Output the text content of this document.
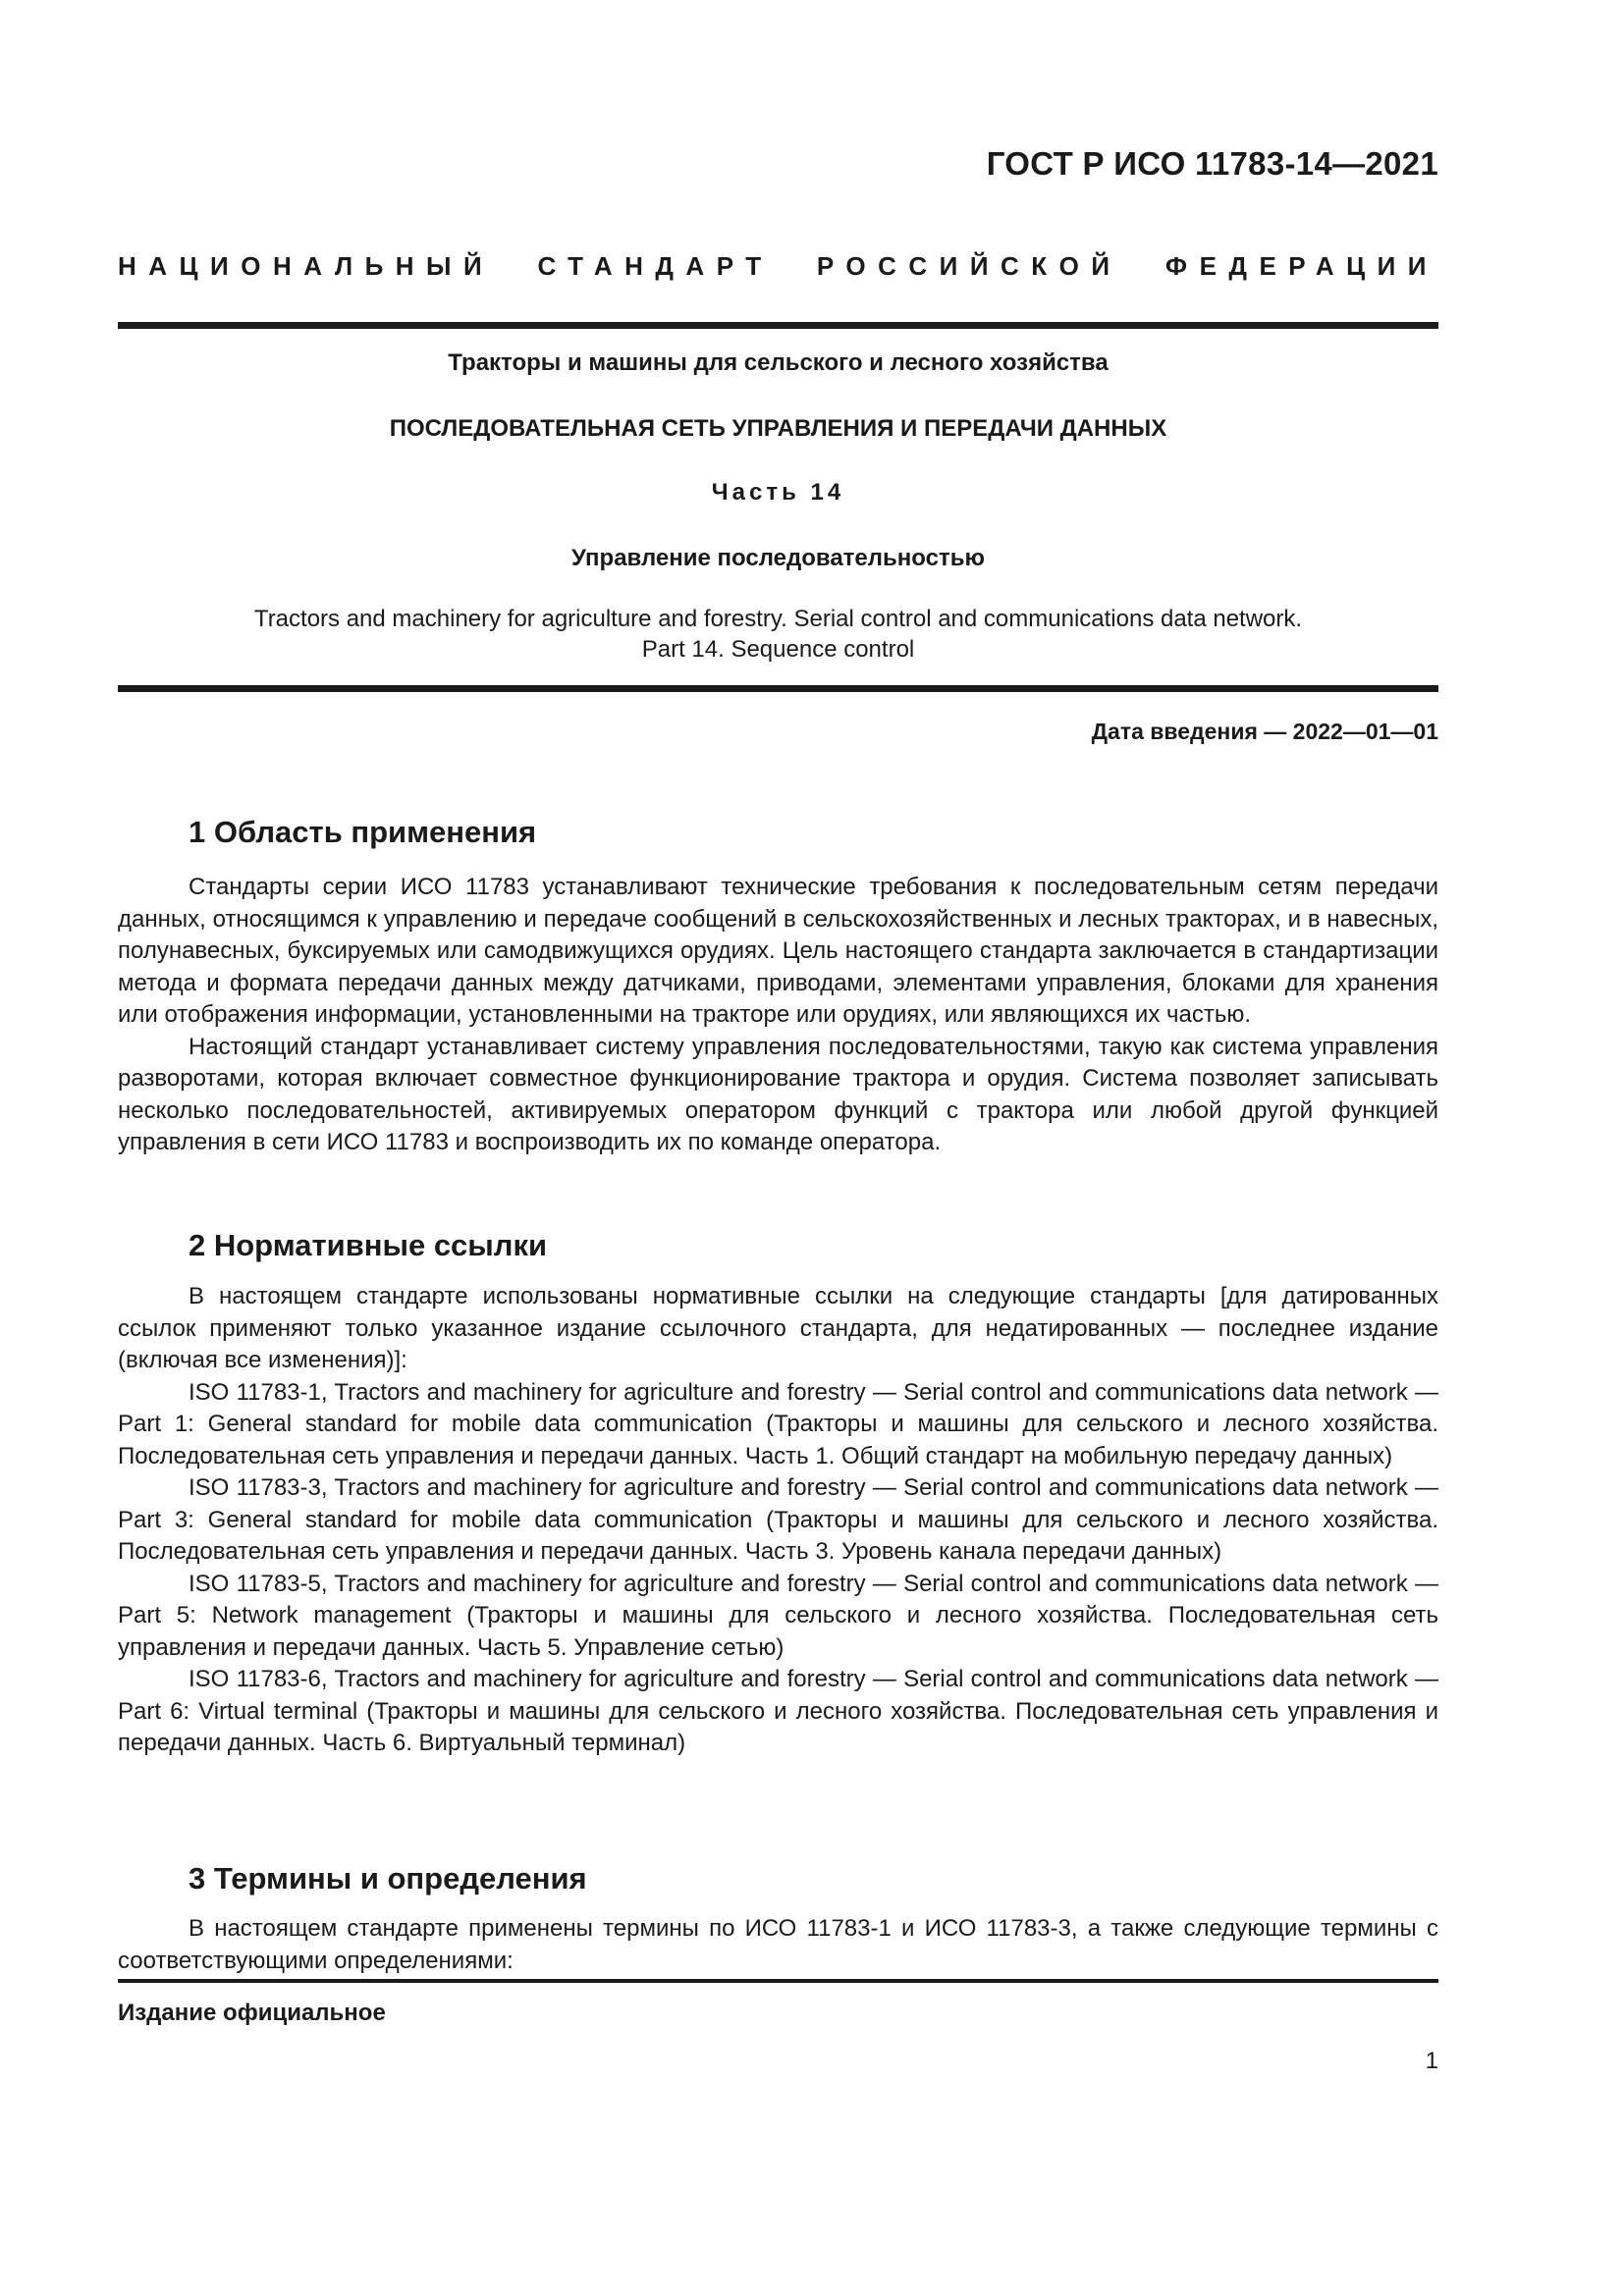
ГОСТ Р ИСО 11783-14—2021
НАЦИОНАЛЬНЫЙ СТАНДАРТ РОССИЙСКОЙ ФЕДЕРАЦИИ
Тракторы и машины для сельского и лесного хозяйства
ПОСЛЕДОВАТЕЛЬНАЯ СЕТЬ УПРАВЛЕНИЯ И ПЕРЕДАЧИ ДАННЫХ
Часть 14
Управление последовательностью
Tractors and machinery for agriculture and forestry. Serial control and communications data network.
Part 14. Sequence control
Дата введения — 2022—01—01
1 Область применения

Стандарты серии ИСО 11783 устанавливают технические требования к последовательным сетям передачи данных, относящимся к управлению и передаче сообщений в сельскохозяйственных и лесных тракторах, и в навесных, полунавесных, буксируемых или самодвижущихся орудиях. Цель настоящего стандарта заключается в стандартизации метода и формата передачи данных между датчиками, приводами, элементами управления, блоками для хранения или отображения информации, установленными на тракторе или орудиях, или являющихся их частью.

Настоящий стандарт устанавливает систему управления последовательностями, такую как система управления разворотами, которая включает совместное функционирование трактора и орудия. Система позволяет записывать несколько последовательностей, активируемых оператором функций с трактора или любой другой функцией управления в сети ИСО 11783 и воспроизводить их по команде оператора.

2 Нормативные ссылки

В настоящем стандарте использованы нормативные ссылки на следующие стандарты [для датированных ссылок применяют только указанное издание ссылочного стандарта, для недатированных — последнее издание (включая все изменения)]:

ISO 11783-1, Tractors and machinery for agriculture and forestry — Serial control and communications data network — Part 1: General standard for mobile data communication (Тракторы и машины для сельского и лесного хозяйства. Последовательная сеть управления и передачи данных. Часть 1. Общий стандарт на мобильную передачу данных)

ISO 11783-3, Tractors and machinery for agriculture and forestry — Serial control and communications data network — Part 3: General standard for mobile data communication (Тракторы и машины для сельского и лесного хозяйства. Последовательная сеть управления и передачи данных. Часть 3. Уровень канала передачи данных)

ISO 11783-5, Tractors and machinery for agriculture and forestry — Serial control and communications data network — Part 5: Network management (Тракторы и машины для сельского и лесного хозяйства. Последовательная сеть управления и передачи данных. Часть 5. Управление сетью)

ISO 11783-6, Tractors and machinery for agriculture and forestry — Serial control and communications data network — Part 6: Virtual terminal (Тракторы и машины для сельского и лесного хозяйства. Последовательная сеть управления и передачи данных. Часть 6. Виртуальный терминал)

3 Термины и определения

В настоящем стандарте применены термины по ИСО 11783-1 и ИСО 11783-3, а также следующие термины с соответствующими определениями:

Издание официальное
1
